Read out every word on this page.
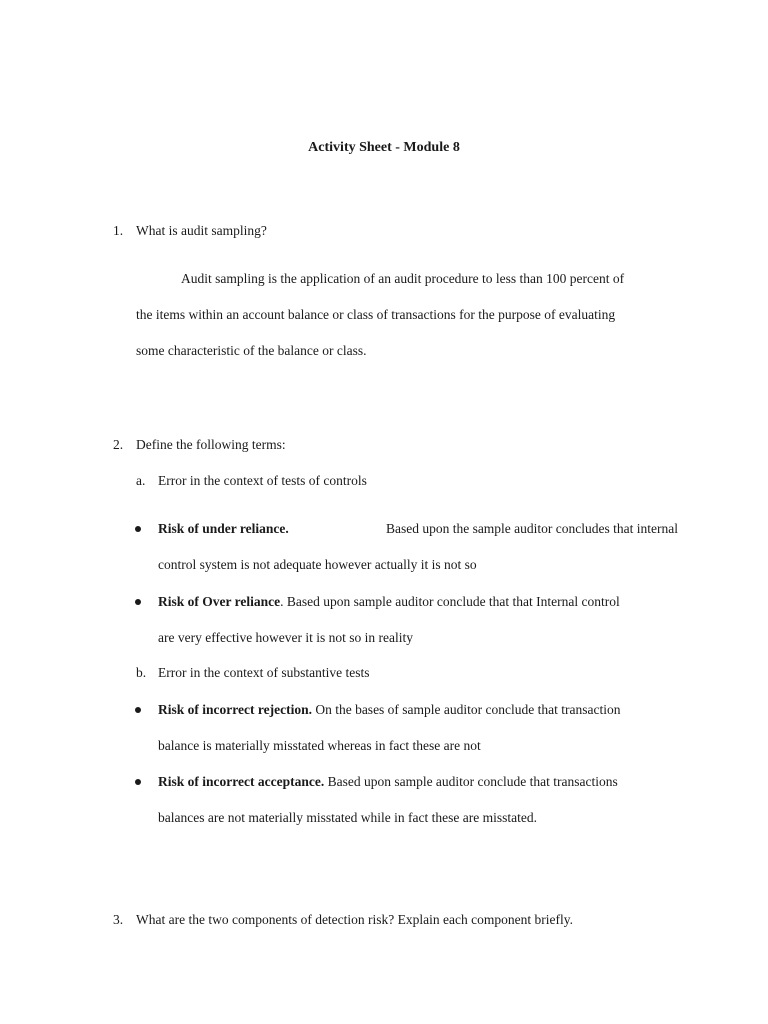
Activity Sheet - Module 8
1. What is audit sampling?
Audit sampling is the application of an audit procedure to less than 100 percent of
the items within an account balance or class of transactions for the purpose of evaluating
some characteristic of the balance or class.
2. Define the following terms:
a. Error in the context of tests of controls
Risk of under reliance.	Based upon the sample auditor concludes that internal
control system is not adequate however actually it is not so
Risk of Over reliance. Based upon sample auditor conclude that that Internal control
are very effective however it is not so in reality
b. Error in the context of substantive tests
Risk of incorrect rejection. On the bases of sample auditor conclude that transaction
balance is materially misstated whereas in fact these are not
Risk of incorrect acceptance. Based upon sample auditor conclude that transactions
balances are not materially misstated while in fact these are misstated.
3. What are the two components of detection risk? Explain each component briefly.
